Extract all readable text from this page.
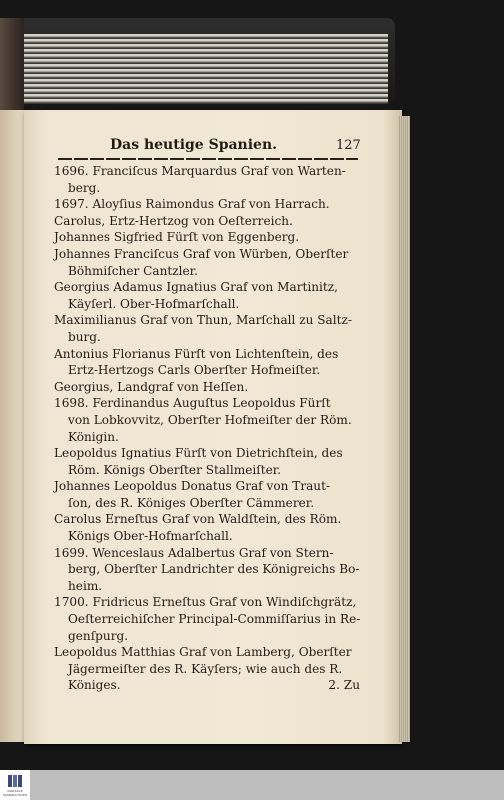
Das heutige Spanien.	127
1696. Franciſcus Marquardus Graf von Warten-
berg.
1697. Aloyſius Raimondus Graf von Harrach.
Carolus, Ertz-Hertzog von Oeſterreich.
Johannes Sigfried Fürſt von Eggenberg.
Johannes Franciſcus Graf von Würben, Oberſter
Böhmiſcher Cantzler.
Georgius Adamus Ignatius Graf von Martinitz,
Käyſerl. Ober-Hofmarſchall.
Maximilianus Graf von Thun, Marſchall zu Saltz-
burg.
Antonius Florianus Fürſt von Lichtenſtein, des
Ertz-Hertzogs Carls Oberſter Hofmeiſter.
Georgius, Landgraf von Heſſen.
1698. Ferdinandus Auguſtus Leopoldus Fürſt
von Lobkovvitz, Oberſter Hofmeiſter der Röm.
Königin.
Leopoldus Ignatius Fürſt von Dietrichſtein, des
Röm. Königs Oberſter Stallmeiſter.
Johannes Leopoldus Donatus Graf von Traut-
ſon, des R. Königes Oberſter Cämmerer.
Carolus Erneſtus Graf von Waldſtein, des Röm.
Königs Ober-Hofmarſchall.
1699. Wenceslaus Adalbertus Graf von Stern-
berg, Oberſter Landrichter des Königreichs Bo-
heim.
1700. Fridricus Erneſtus Graf von Windiſchgrätz,
Oeſterreichiſcher Principal-Commiſſarius in Re-
genſpurg.
Leopoldus Matthias Graf von Lamberg, Oberſter
Jägermeiſter des R. Käyſers; wie auch des R.
Königes.	2. Zu
DIGITALE SAMMLUNGEN
